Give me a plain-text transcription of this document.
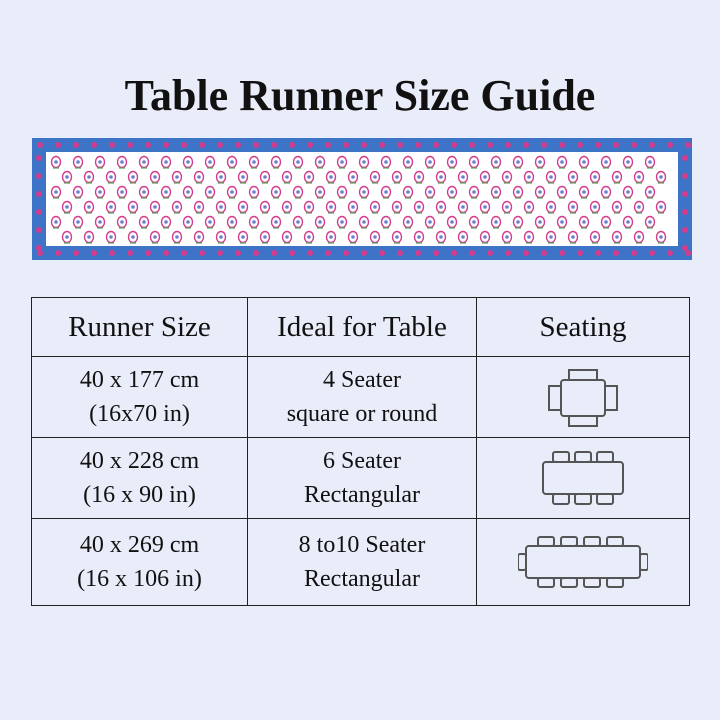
Table Runner Size Guide
Runner Size	Ideal for Table	Seating

40 x 177 cm
(16x70 in)	4 Seater
square or round

40 x 228 cm
(16 x 90 in)	6 Seater
Rectangular

40 x 269 cm
(16 x 106 in)	8 to10 Seater
Rectangular
